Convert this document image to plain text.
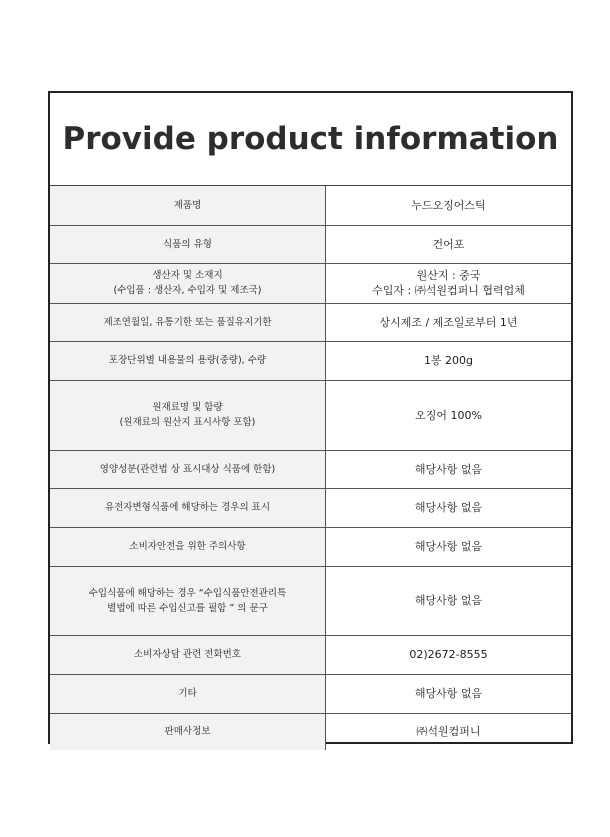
Provide product information
제품명	누드오징어스틱
식품의 유형	건어포
생산자 및 소재지
(수입품 : 생산자, 수입자 및 제조국)	원산지 : 중국
수입자 : ㈜석원컴퍼니 협력업체
제조연월일, 유통기한 또는 품질유지기한	상시제조 / 제조일로부터 1년
포장단위별 내용물의 용량(중량), 수량	1봉 200g
원재료명 및 함량
(원재료의 원산지 표시사항 포함)	오징어 100%
영양성분(관련법 상 표시대상 식품에 한함)	해당사항 없음
유전자변형식품에 해당하는 경우의 표시	해당사항 없음
소비자안전을 위한 주의사항	해당사항 없음
수입식품에 해당하는 경우 “수입식품안전관리특
별법에 따른 수입신고를 필함 ” 의 문구	해당사항 없음
소비자상담 관련 전화번호	02)2672-8555
기타	해당사항 없음
판매사정보	㈜석원컴퍼니
